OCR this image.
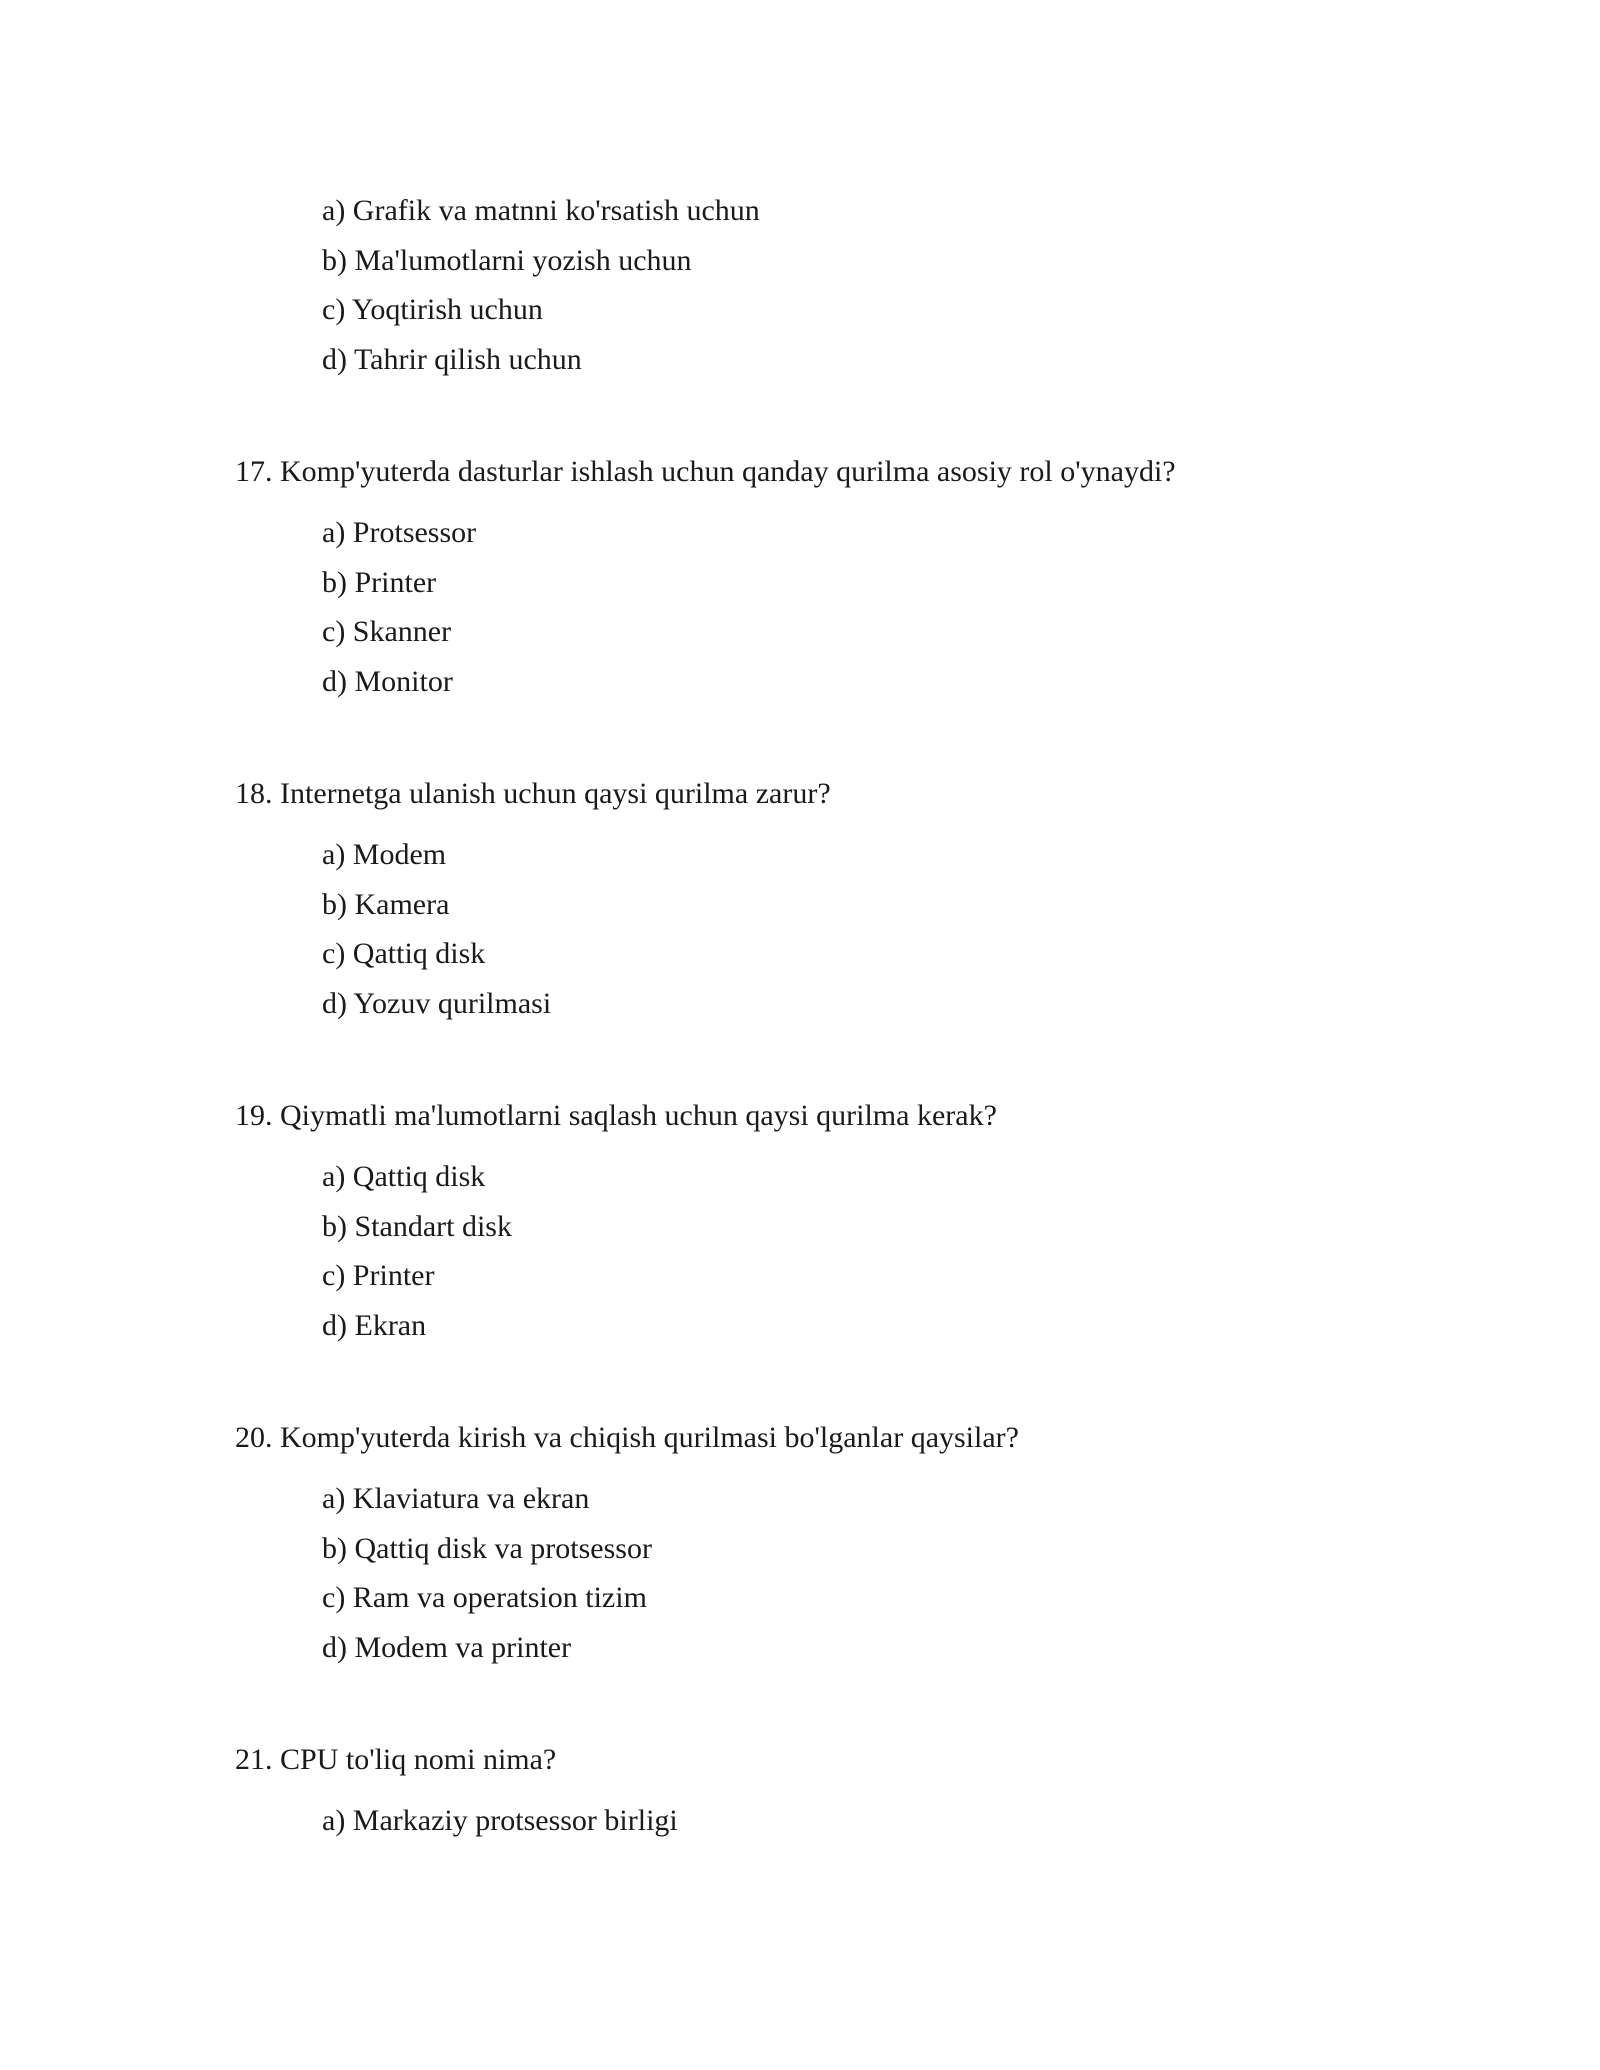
a) Grafik va matnni ko'rsatish uchun
b) Ma'lumotlarni yozish uchun
c) Yoqtirish uchun
d) Tahrir qilish uchun
17. Komp'yuterda dasturlar ishlash uchun qanday qurilma asosiy rol o'ynaydi?
a) Protsessor
b) Printer
c) Skanner
d) Monitor
18. Internetga ulanish uchun qaysi qurilma zarur?
a) Modem
b) Kamera
c) Qattiq disk
d) Yozuv qurilmasi
19. Qiymatli ma'lumotlarni saqlash uchun qaysi qurilma kerak?
a) Qattiq disk
b) Standart disk
c) Printer
d) Ekran
20. Komp'yuterda kirish va chiqish qurilmasi bo'lganlar qaysilar?
a) Klaviatura va ekran
b) Qattiq disk va protsessor
c) Ram va operatsion tizim
d) Modem va printer
21. CPU to'liq nomi nima?
a) Markaziy protsessor birligi
